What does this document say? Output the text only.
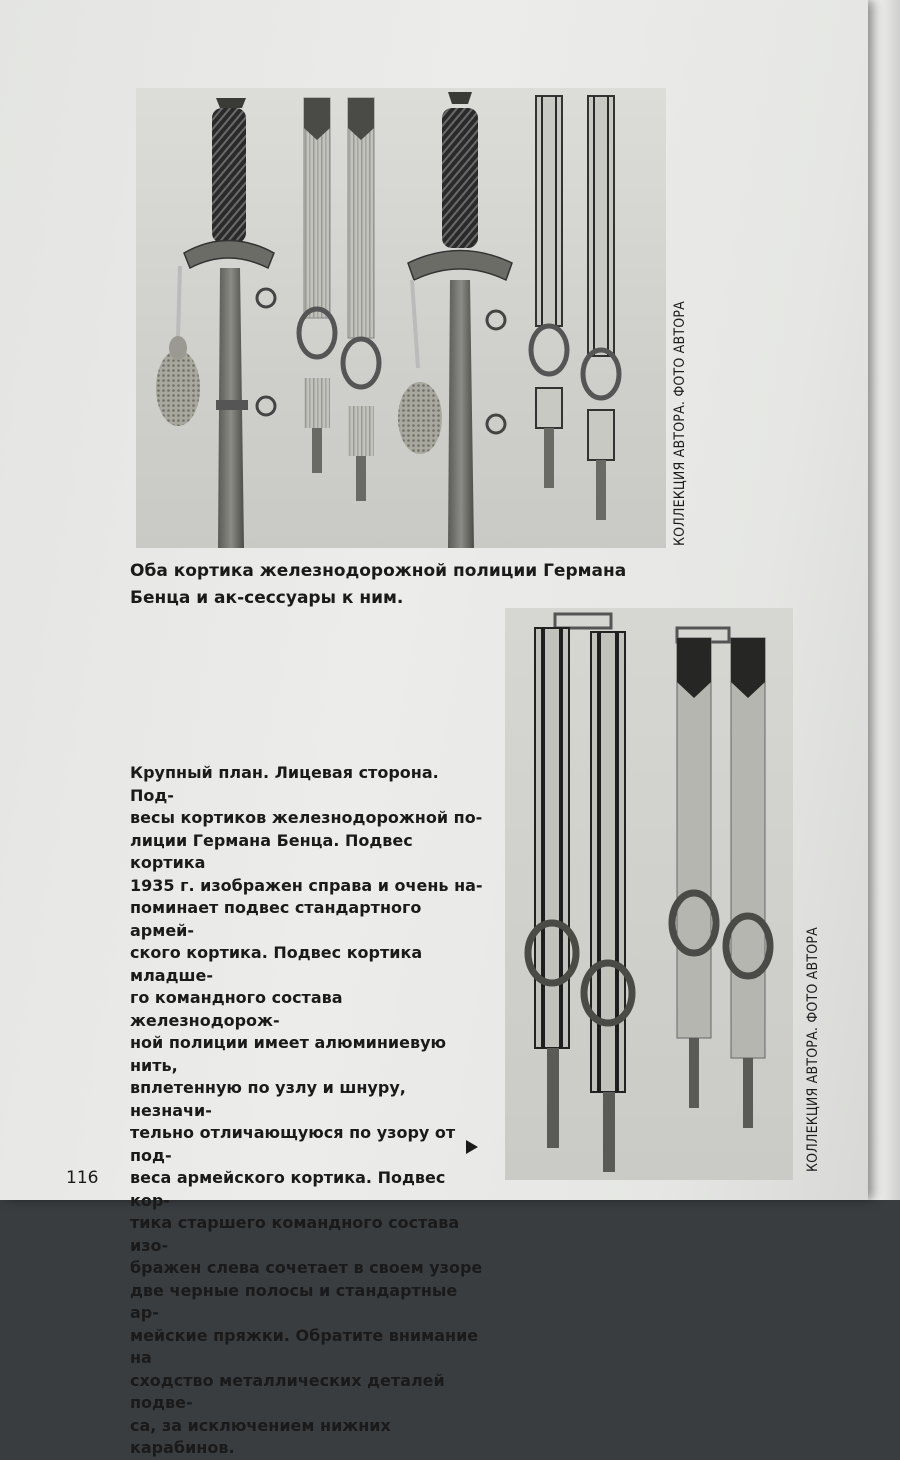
КОЛЛЕКЦИЯ АВТОРА. ФОТО АВТОРА
Оба кортика железнодорожной полиции Германа Бенца и ак-сессуары к ним.
КОЛЛЕКЦИЯ АВТОРА. ФОТО АВТОРА
Крупный план. Лицевая сторона. Под-
весы кортиков железнодорожной по-
лиции Германа Бенца. Подвес кортика
1935 г. изображен справа и очень на-
поминает подвес стандартного армей-
ского кортика. Подвес кортика младше-
го командного состава железнодорож-
ной полиции имеет алюминиевую нить,
вплетенную по узлу и шнуру, незначи-
тельно отличающуюся по узору от под-
веса армейского кортика. Подвес кор-
тика старшего командного состава изо-
бражен слева сочетает в своем узоре
две черные полосы и стандартные ар-
мейские пряжки. Обратите внимание на
сходство металлических деталей подве-
са, за исключением нижних карабинов.
116
